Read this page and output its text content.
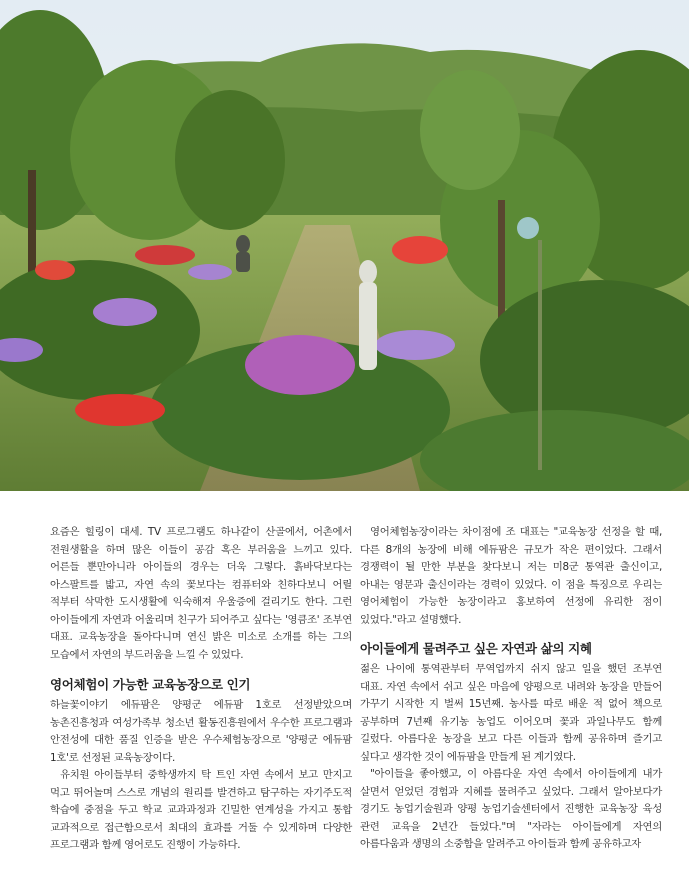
요즘은 힐링이 대세. TV 프로그램도 하나같이 산골에서, 어촌에서 전원생활을 하며 많은 이들이 공감 혹은 부러움을 느끼고 있다. 어른들 뿐만아니라 아이들의 경우는 더욱 그렇다. 흙바닥보다는 아스팔트를 밟고, 자연 속의 꽃보다는 컴퓨터와 친하다보니 어릴 적부터 삭막한 도시생활에 익숙해져 우울증에 걸리기도 한다. 그런 아이들에게 자연과 어울리며 친구가 되어주고 싶다는 '영큼조' 조부연 대표. 교육농장을 돌아다니며 연신 밝은 미소로 소개를 하는 그의 모습에서 자연의 부드러움을 느낄 수 있었다.

영어체험이 가능한 교육농장으로 인기

하늘꽃이야기 에듀팜은 양평군 에듀팜 1호로 선정받았으며 농촌진흥청과 여성가족부 청소년 활동진흥원에서 우수한 프로그램과 안전성에 대한 품질 인증을 받은 우수체험농장으로 '양평군 에듀팜 1호'로 선정된 교육농장이다.

유치원 아이들부터 중학생까지 탁 트인 자연 속에서 보고 만지고 먹고 뛰어놀며 스스로 개념의 원리를 발견하고 탐구하는 자기주도적 학습에 중점을 두고 학교 교과과정과 긴밀한 연계성을 가지고 통합 교과적으로 접근함으로서 최대의 효과를 거둘 수 있게하며 다양한 프로그램과 함께 영어로도 진행이 가능하다.

영어체험농장이라는 차이점에 조 대표는 "교육농장 선정을 할 때, 다른 8개의 농장에 비해 에듀팜은 규모가 작은 편이었다. 그래서 경쟁력이 될 만한 부분을 찾다보니 저는 미8군 통역관 출신이고, 아내는 영문과 출신이라는 경력이 있었다. 이 점을 특징으로 우리는 영어체험이 가능한 농장이라고 홍보하여 선정에 유리한 점이 있었다."라고 설명했다.

아이들에게 물려주고 싶은 자연과 삶의 지혜

젊은 나이에 통역관부터 무역업까지 쉬지 않고 일을 했던 조부연 대표. 자연 속에서 쉬고 싶은 마음에 양평으로 내려와 농장을 만들어 가꾸기 시작한 지 벌써 15년째. 농사를 따로 배운 적 없어 책으로 공부하며 7년째 유기농 농업도 이어오며 꽃과 과일나무도 함께 길렀다. 아름다운 농장을 보고 다른 이들과 함께 공유하며 즐기고 싶다고 생각한 것이 에듀팜을 만들게 된 계기였다.

"아이들을 좋아했고, 이 아름다운 자연 속에서 아이들에게 내가 살면서 얻었던 경험과 지혜를 물려주고 싶었다. 그래서 알아보다가 경기도 농업기술원과 양평 농업기술센터에서 진행한 교육농장 육성 관련 교육을 2년간 들었다."며 "자라는 아이들에게 자연의 아름다움과 생명의 소중함을 알려주고 아이들과 함께 공유하고자
